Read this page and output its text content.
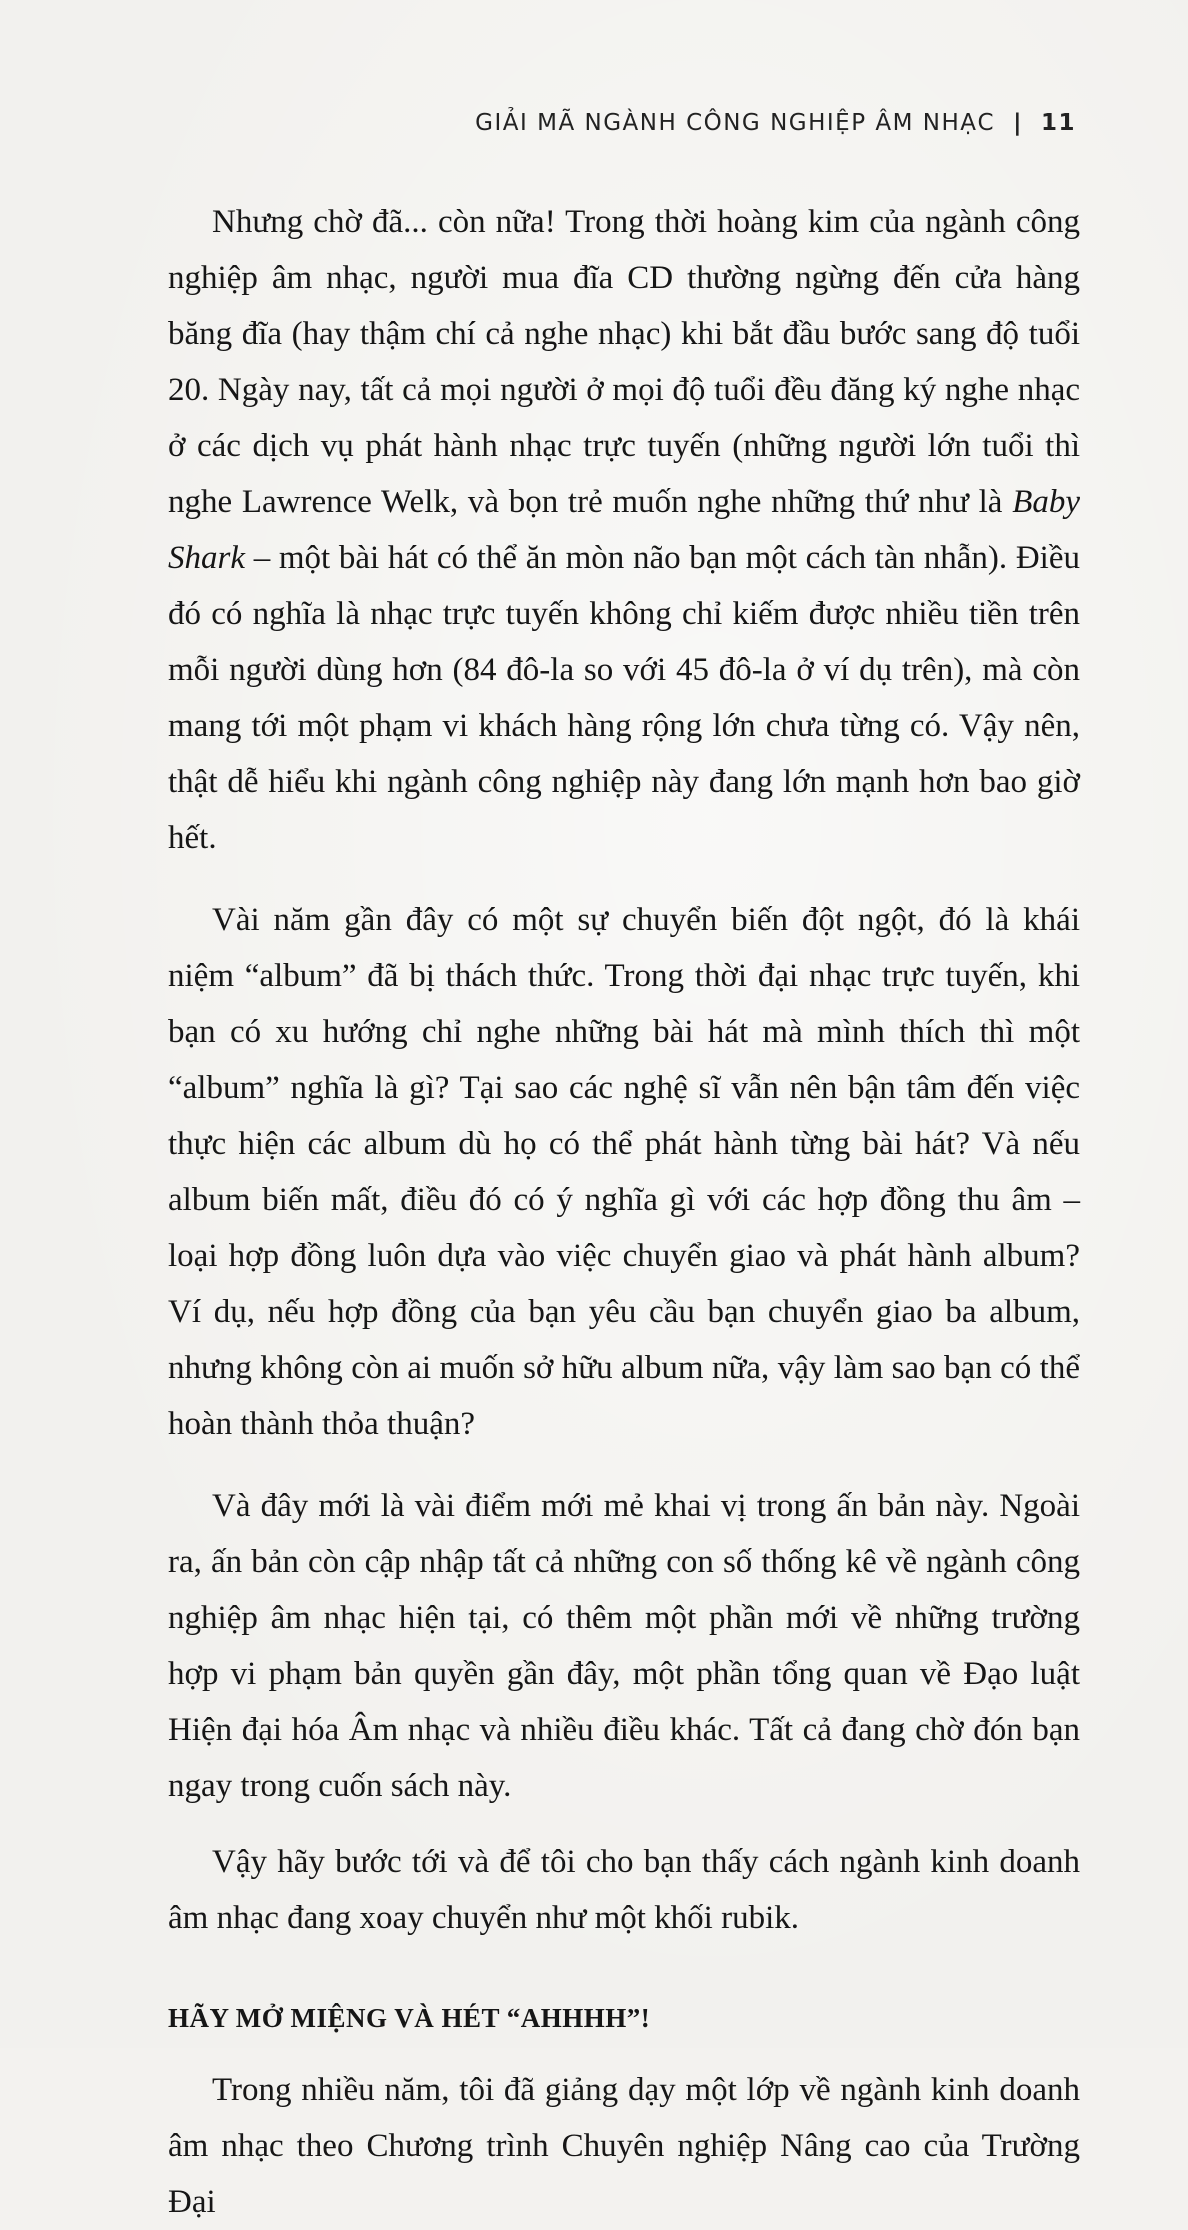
GIẢI MÃ NGÀNH CÔNG NGHIỆP ÂM NHẠC | 11

Nhưng chờ đã... còn nữa! Trong thời hoàng kim của ngành công nghiệp âm nhạc, người mua đĩa CD thường ngừng đến cửa hàng băng đĩa (hay thậm chí cả nghe nhạc) khi bắt đầu bước sang độ tuổi 20. Ngày nay, tất cả mọi người ở mọi độ tuổi đều đăng ký nghe nhạc ở các dịch vụ phát hành nhạc trực tuyến (những người lớn tuổi thì nghe Lawrence Welk, và bọn trẻ muốn nghe những thứ như là Baby Shark – một bài hát có thể ăn mòn não bạn một cách tàn nhẫn). Điều đó có nghĩa là nhạc trực tuyến không chỉ kiếm được nhiều tiền trên mỗi người dùng hơn (84 đô-la so với 45 đô-la ở ví dụ trên), mà còn mang tới một phạm vi khách hàng rộng lớn chưa từng có. Vậy nên, thật dễ hiểu khi ngành công nghiệp này đang lớn mạnh hơn bao giờ hết.

Vài năm gần đây có một sự chuyển biến đột ngột, đó là khái niệm “album” đã bị thách thức. Trong thời đại nhạc trực tuyến, khi bạn có xu hướng chỉ nghe những bài hát mà mình thích thì một “album” nghĩa là gì? Tại sao các nghệ sĩ vẫn nên bận tâm đến việc thực hiện các album dù họ có thể phát hành từng bài hát? Và nếu album biến mất, điều đó có ý nghĩa gì với các hợp đồng thu âm – loại hợp đồng luôn dựa vào việc chuyển giao và phát hành album? Ví dụ, nếu hợp đồng của bạn yêu cầu bạn chuyển giao ba album, nhưng không còn ai muốn sở hữu album nữa, vậy làm sao bạn có thể hoàn thành thỏa thuận?

Và đây mới là vài điểm mới mẻ khai vị trong ấn bản này. Ngoài ra, ấn bản còn cập nhập tất cả những con số thống kê về ngành công nghiệp âm nhạc hiện tại, có thêm một phần mới về những trường hợp vi phạm bản quyền gần đây, một phần tổng quan về Đạo luật Hiện đại hóa Âm nhạc và nhiều điều khác. Tất cả đang chờ đón bạn ngay trong cuốn sách này.

Vậy hãy bước tới và để tôi cho bạn thấy cách ngành kinh doanh âm nhạc đang xoay chuyển như một khối rubik.

HÃY MỞ MIỆNG VÀ HÉT “AHHHH”!

Trong nhiều năm, tôi đã giảng dạy một lớp về ngành kinh doanh âm nhạc theo Chương trình Chuyên nghiệp Nâng cao của Trường Đại
